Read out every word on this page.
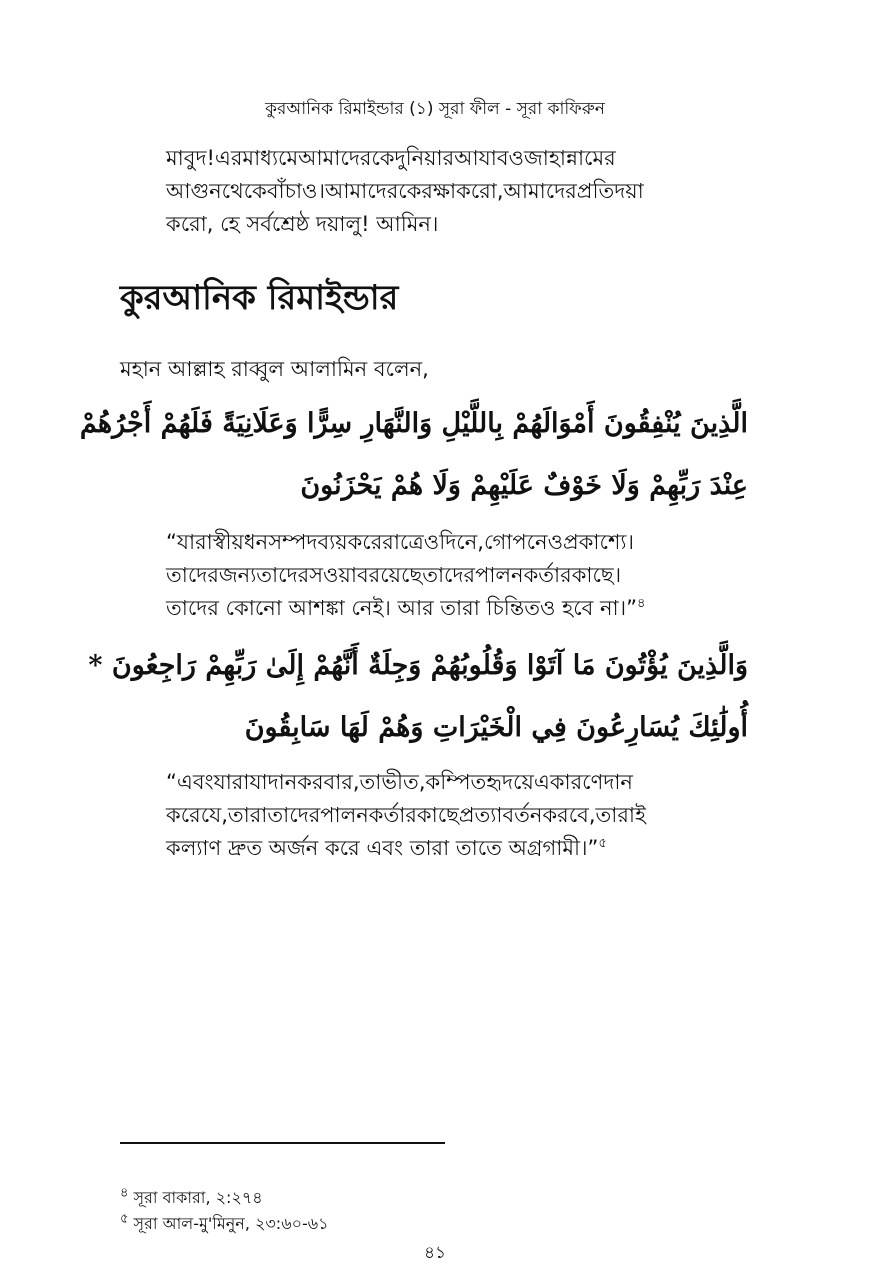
কুরআনিক রিমাইন্ডার (১) সূরা ফীল - সূরা কাফিরুন
মাবুদ!এরমাধ্যমেআমাদেরকেদুনিয়ারআযাবওজাহান্নামের
আগুনথেকেবাঁচাও।আমাদেরকেরক্ষাকরো,আমাদেরপ্রতিদয়া
করো, হে সর্বশ্রেষ্ঠ দয়ালু! আমিন।
কুরআনিক রিমাইন্ডার

মহান আল্লাহ রাব্বুল আলামিন বলেন,

الَّذِينَ يُنْفِقُونَ أَمْوَالَهُمْ بِاللَّيْلِ وَالنَّهَارِ سِرًّا وَعَلَانِيَةً فَلَهُمْ أَجْرُهُمْ
عِنْدَ رَبِّهِمْ وَلَا خَوْفٌ عَلَيْهِمْ وَلَا هُمْ يَحْزَنُونَ
“যারাস্বীয়ধনসম্পদব্যয়করেরাত্রেওদিনে,গোপনেওপ্রকাশ্যে।
তাদেরজন্যতাদেরসওয়াবরয়েছেতাদেরপালনকর্তারকাছে।
তাদের কোনো আশঙ্কা নেই। আর তারা চিন্তিতও হবে না।”$^৪$
وَالَّذِينَ يُؤْتُونَ مَا آتَوْا وَقُلُوبُهُمْ وَجِلَةٌ أَنَّهُمْ إِلَىٰ رَبِّهِمْ رَاجِعُونَ *
أُولَٰئِكَ يُسَارِعُونَ فِي الْخَيْرَاتِ وَهُمْ لَهَا سَابِقُونَ
“এবংযারাযাদানকরবার,তাভীত,কম্পিতহৃদয়েএকারণেদান
করেযে,তারাতাদেরপালনকর্তারকাছেপ্রত্যাবর্তনকরবে,তারাই
কল্যাণ দ্রুত অর্জন করে এবং তারা তাতে অগ্রগামী।”$^৫$
$^৪$ সূরা বাকারা, ২:২৭৪
$^৫$ সূরা আল-মু'মিনুন, ২৩:৬০-৬১
৪১
